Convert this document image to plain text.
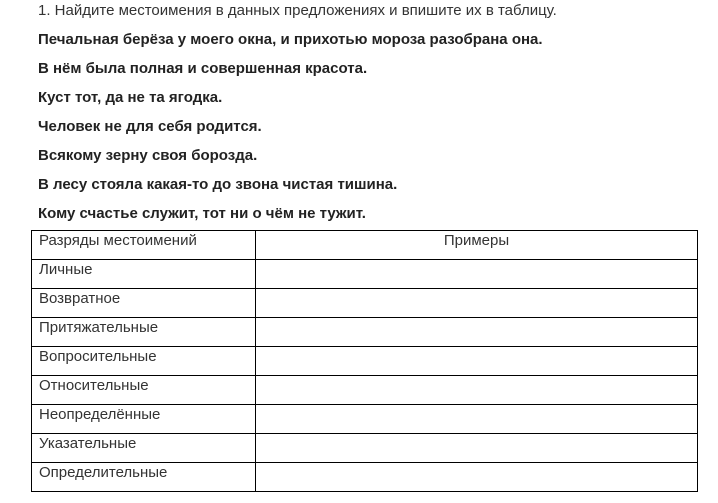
1. Найдите местоимения в данных предложениях и впишите их в таблицу.
Печальная берёза у моего окна, и прихотью мороза разобрана она.
В нём была полная и совершенная красота.
Куст тот, да не та ягодка.
Человек не для себя родится.
Всякому зерну своя борозда.
В лесу стояла какая-то до звона чистая тишина.
Кому счастье служит, тот ни о чём не тужит.
Разряды местоимений	Примеры
Личные	
Возвратное	
Притяжательные	
Вопросительные	
Относительные	
Неопределённые	
Указательные	
Определительные	
